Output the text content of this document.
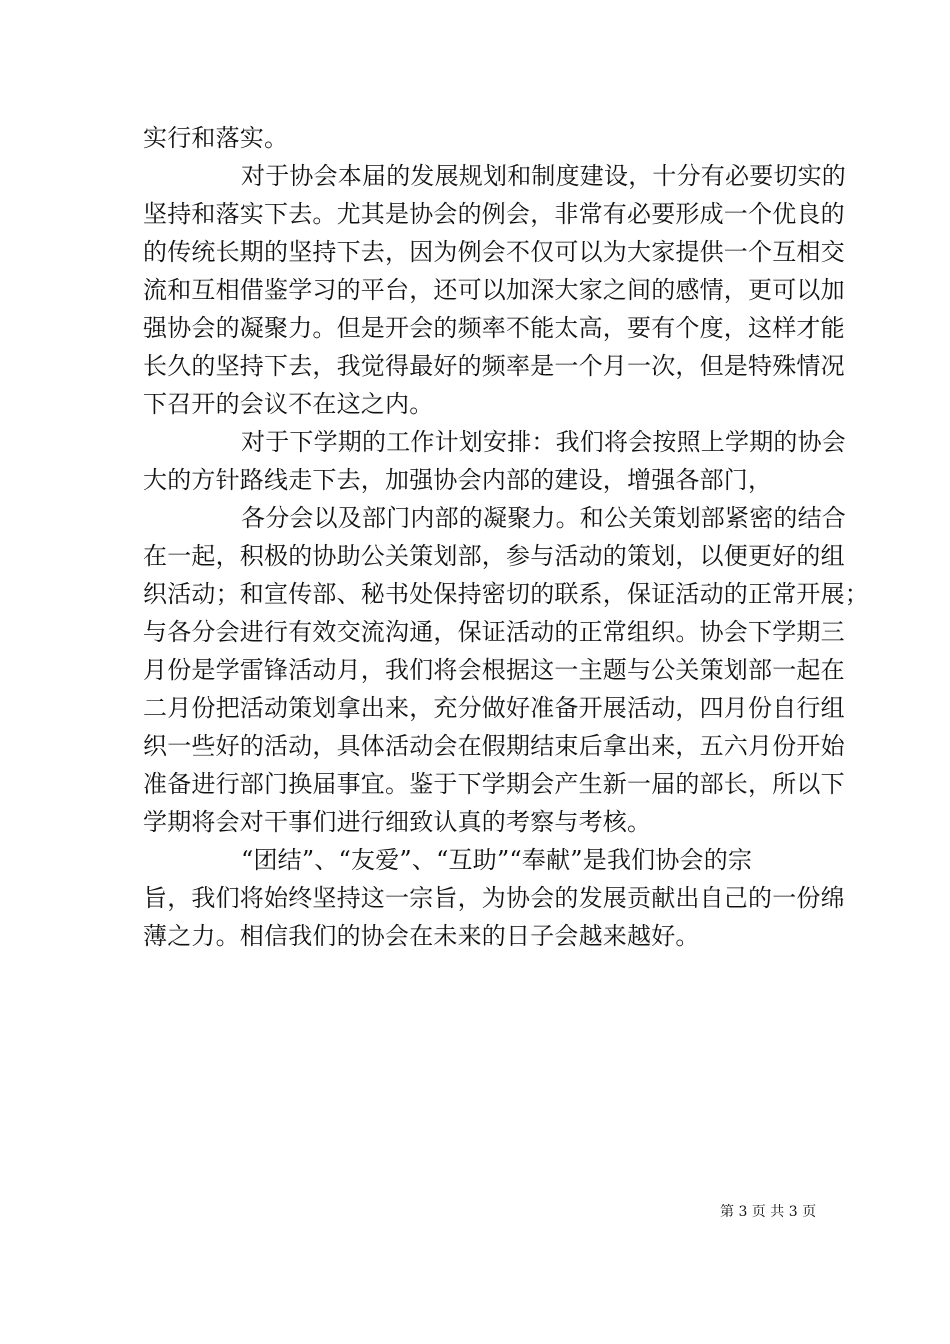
实行和落实。
对于协会本届的发展规划和制度建设，十分有必要切实的
坚持和落实下去。尤其是协会的例会，非常有必要形成一个优良的
的传统长期的坚持下去，因为例会不仅可以为大家提供一个互相交
流和互相借鉴学习的平台，还可以加深大家之间的感情，更可以加
强协会的凝聚力。但是开会的频率不能太高，要有个度，这样才能
长久的坚持下去，我觉得最好的频率是一个月一次，但是特殊情况
下召开的会议不在这之内。
对于下学期的工作计划安排：我们将会按照上学期的协会
大的方针路线走下去，加强协会内部的建设，增强各部门，
各分会以及部门内部的凝聚力。和公关策划部紧密的结合
在一起，积极的协助公关策划部，参与活动的策划，以便更好的组
织活动；和宣传部、秘书处保持密切的联系，保证活动的正常开展；
与各分会进行有效交流沟通，保证活动的正常组织。协会下学期三
月份是学雷锋活动月，我们将会根据这一主题与公关策划部一起在
二月份把活动策划拿出来，充分做好准备开展活动，四月份自行组
织一些好的活动，具体活动会在假期结束后拿出来，五六月份开始
准备进行部门换届事宜。鉴于下学期会产生新一届的部长，所以下
学期将会对干事们进行细致认真的考察与考核。
“团结”、“友爱”、“互助”“奉献”是我们协会的宗
旨，我们将始终坚持这一宗旨，为协会的发展贡献出自己的一份绵
薄之力。相信我们的协会在未来的日子会越来越好。
第 3 页 共 3 页
